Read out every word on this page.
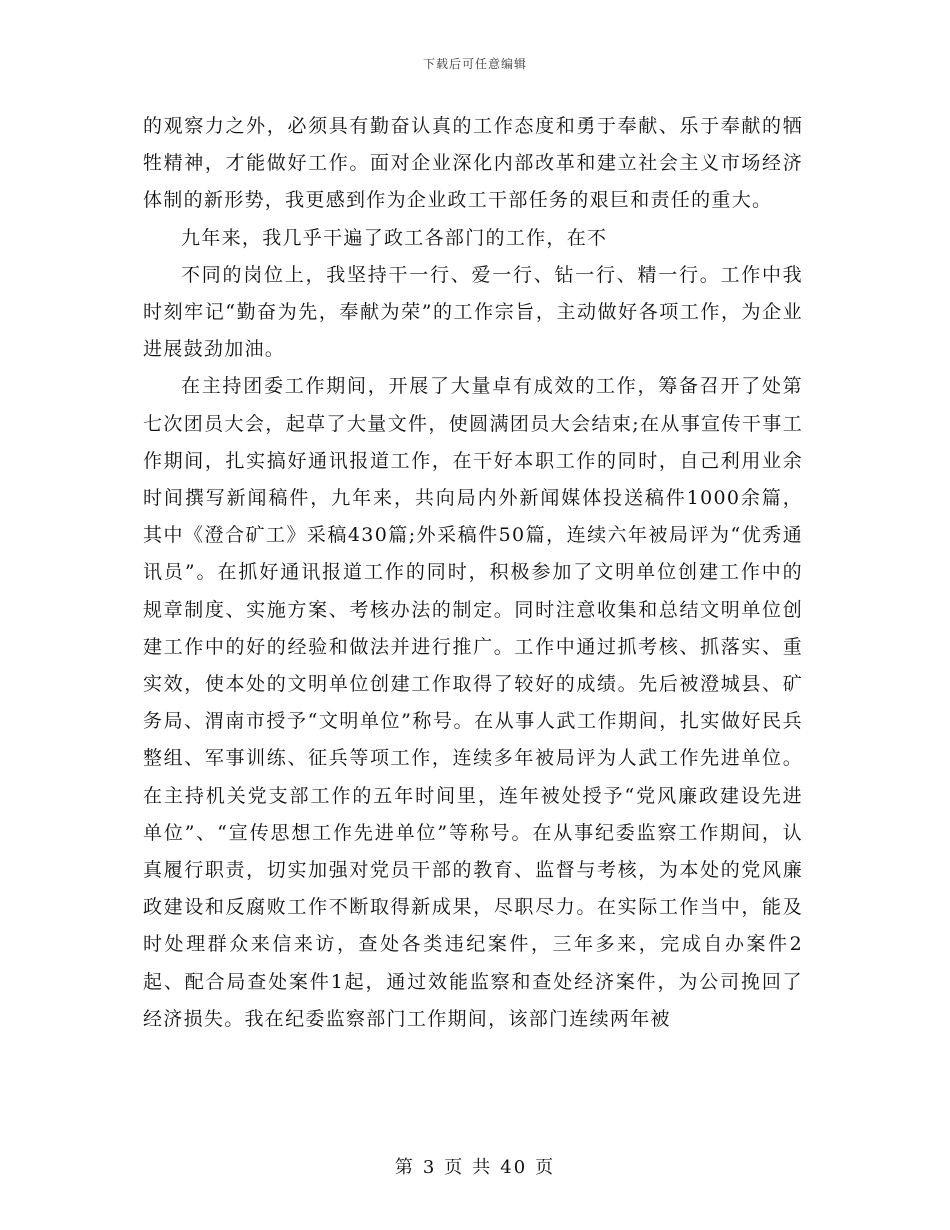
下载后可任意编辑

的观察力之外，必须具有勤奋认真的工作态度和勇于奉献、乐于奉献的牺牲精神，才能做好工作。面对企业深化内部改革和建立社会主义市场经济体制的新形势，我更感到作为企业政工干部任务的艰巨和责任的重大。

九年来，我几乎干遍了政工各部门的工作，在不

不同的岗位上，我坚持干一行、爱一行、钻一行、精一行。工作中我时刻牢记“勤奋为先，奉献为荣”的工作宗旨，主动做好各项工作，为企业进展鼓劲加油。

在主持团委工作期间，开展了大量卓有成效的工作，筹备召开了处第七次团员大会，起草了大量文件，使圆满团员大会结束;在从事宣传干事工作期间，扎实搞好通讯报道工作，在干好本职工作的同时，自己利用业余时间撰写新闻稿件，九年来，共向局内外新闻媒体投送稿件1000余篇，其中《澄合矿工》采稿430篇;外采稿件50篇，连续六年被局评为“优秀通讯员”。在抓好通讯报道工作的同时，积极参加了文明单位创建工作中的规章制度、实施方案、考核办法的制定。同时注意收集和总结文明单位创建工作中的好的经验和做法并进行推广。工作中通过抓考核、抓落实、重实效，使本处的文明单位创建工作取得了较好的成绩。先后被澄城县、矿务局、渭南市授予“文明单位”称号。在从事人武工作期间，扎实做好民兵整组、军事训练、征兵等项工作，连续多年被局评为人武工作先进单位。在主持机关党支部工作的五年时间里，连年被处授予“党风廉政建设先进单位”、“宣传思想工作先进单位”等称号。在从事纪委监察工作期间，认真履行职责，切实加强对党员干部的教育、监督与考核，为本处的党风廉政建设和反腐败工作不断取得新成果，尽职尽力。在实际工作当中，能及时处理群众来信来访，查处各类违纪案件，三年多来，完成自办案件2起、配合局查处案件1起，通过效能监察和查处经济案件，为公司挽回了经济损失。我在纪委监察部门工作期间，该部门连续两年被

第 3 页 共 40 页
